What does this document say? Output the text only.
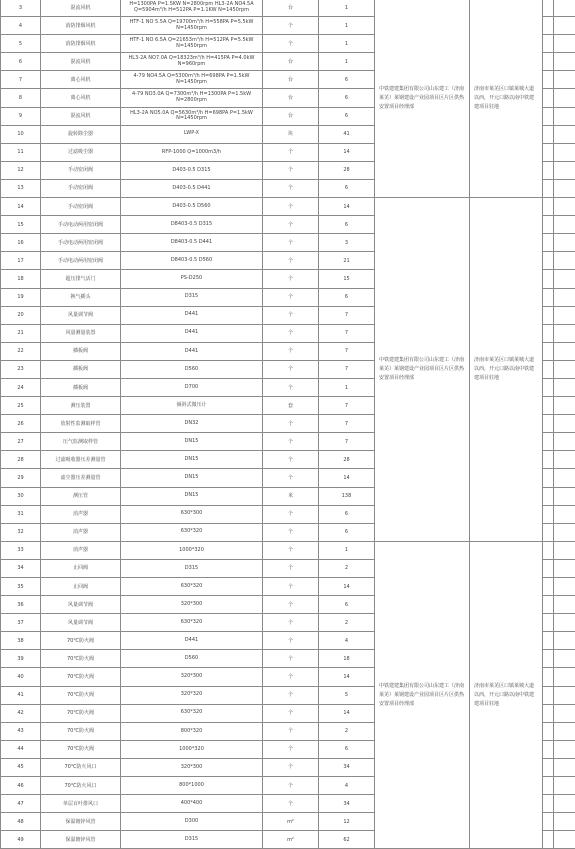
3	混流风机	H=1300PA P=1.5KW N=2800rpm HL3-2A NO4.5A Q=5904m³/h H=512PA P=1.1KW N=1450rpm	台	1	中铁建建集团有限公司山东建工（济南莱芜）莱钢建设产业园项目区片区供热安置项目经理部	济南市莱芜区口镇莱城大道以西，开元口路以南中铁建建项目驻地		
4	消防排烟风机	HTF-1 NO 5.5A Q=19700m³/h H=558PA P=5.5kW N=1450rpm	个	1				
5	消防排烟风机	HTF-1 NO 6.5A Q=21653m³/h H=512PA P=5.5kW N=1450rpm	个	1				
6	混流风机	HL3-2A NO7.0A Q=18323m³/h H=415PA P=4.0kW N=960rpm	台	1				
7	离心风机	4-79 NO4.5A Q=5300m³/h H=698PA P=1.5kW N=1450rpm	台	6				
8	离心风机	4-79 NO3.0A Q=7300m³/h H=1300PA P=1.5kW N=2800rpm	台	6				
9	混流风机	HL3-2A NO5.0A Q=5630m³/h H=698PA P=1.5kW N=1450rpm	台	6				
10	旋转除尘器	LWP-X	块	41				
11	过滤吸尘器	RFP-1000 Q=1000m3/h	个	14				
12	手动密闭阀	D403-0.5 D315	个	28				
13	手动密闭阀	D403-0.5 D441	个	6				
14	手动密闭阀	D403-0.5 D560	个	14	中铁建建集团有限公司山东建工（济南莱芜）莱钢建设产业园项目区片区供热安置项目经理部	济南市莱芜区口镇莱城大道以西，开元口路以南中铁建建项目驻地		
15	手动电动两用密闭阀	D8403-0.5 D315	个	6				
16	手动电动两用密闭阀	D8403-0.5 D441	个	3				
17	手动电动两用密闭阀	D8403-0.5 D560	个	21				
18	超压排气活门	PS-D250	个	15				
19	换气插头	D315	个	6				
20	风量调节阀	D441	个	7				
21	风量测量装置	D441	个	7				
22	插板阀	D441	个	7				
23	插板阀	D560	个	7				
24	插板阀	D700	个	1				
25	测压装置	倾斜式微压计	套	7				
26	放射性监测取样管	DN32	个	7				
27	压气监测取样管	DN15	个	7				
28	过滤吸收器压差测量管	DN15	个	28				
29	滤尘器压差测量管	DN15	个	14				
30	测压管	DN15	米	138				
31	消声器	630*300	个	6				
32	消声器	630*320	个	6				
33	消声器	1000*320	个	1	中铁建建集团有限公司山东建工（济南莱芜）莱钢建设产业园项目区片区供热安置项目经理部	济南市莱芜区口镇莱城大道以西，开元口路以南中铁建建项目驻地		
34	止回阀	D315	个	2				
35	止回阀	630*320	个	14				
36	风量调节阀	320*300	个	6				
37	风量调节阀	630*320	个	2				
38	70℃防火阀	D441	个	4				
39	70℃防火阀	D560	个	18				
40	70℃防火阀	320*300	个	14				
41	70℃防火阀	320*320	个	5				
42	70℃防火阀	630*320	个	14				
43	70℃防火阀	800*320	个	2				
44	70℃防火阀	1000*320	个	6				
45	70℃防火风口	320*300	个	34				
46	70℃防火风口	800*1000	个	4				
47	单层百叶排风口	400*400	个	34				
48	保温镀锌风管	D300	m²	12				
49	保温镀锌风管	D315	m²	62				
